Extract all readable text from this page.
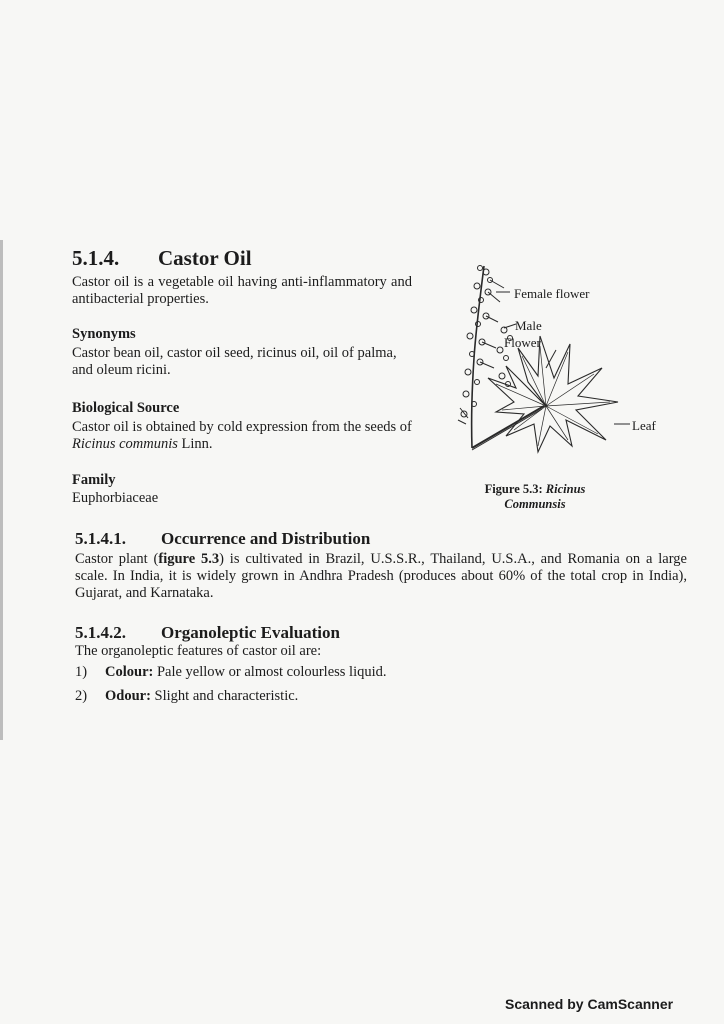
5.1.4. Castor Oil
Castor oil is a vegetable oil having anti-inflammatory and antibacterial properties.
Synonyms
Castor bean oil, castor oil seed, ricinus oil, oil of palma, and oleum ricini.
Biological Source
Castor oil is obtained by cold expression from the seeds of Ricinus communis Linn.
Family
Euphorbiaceae
Female flower
Male
Flower
Leaf
Figure 5.3: Ricinus
Communsis
5.1.4.1. Occurrence and Distribution
Castor plant (figure 5.3) is cultivated in Brazil, U.S.S.R., Thailand, U.S.A., and Romania on a large scale. In India, it is widely grown in Andhra Pradesh (produces about 60% of the total crop in India), Gujarat, and Karnataka.
5.1.4.2. Organoleptic Evaluation
The organoleptic features of castor oil are:
1) Colour: Pale yellow or almost colourless liquid.
2) Odour: Slight and characteristic.
Scanned by CamScanner
